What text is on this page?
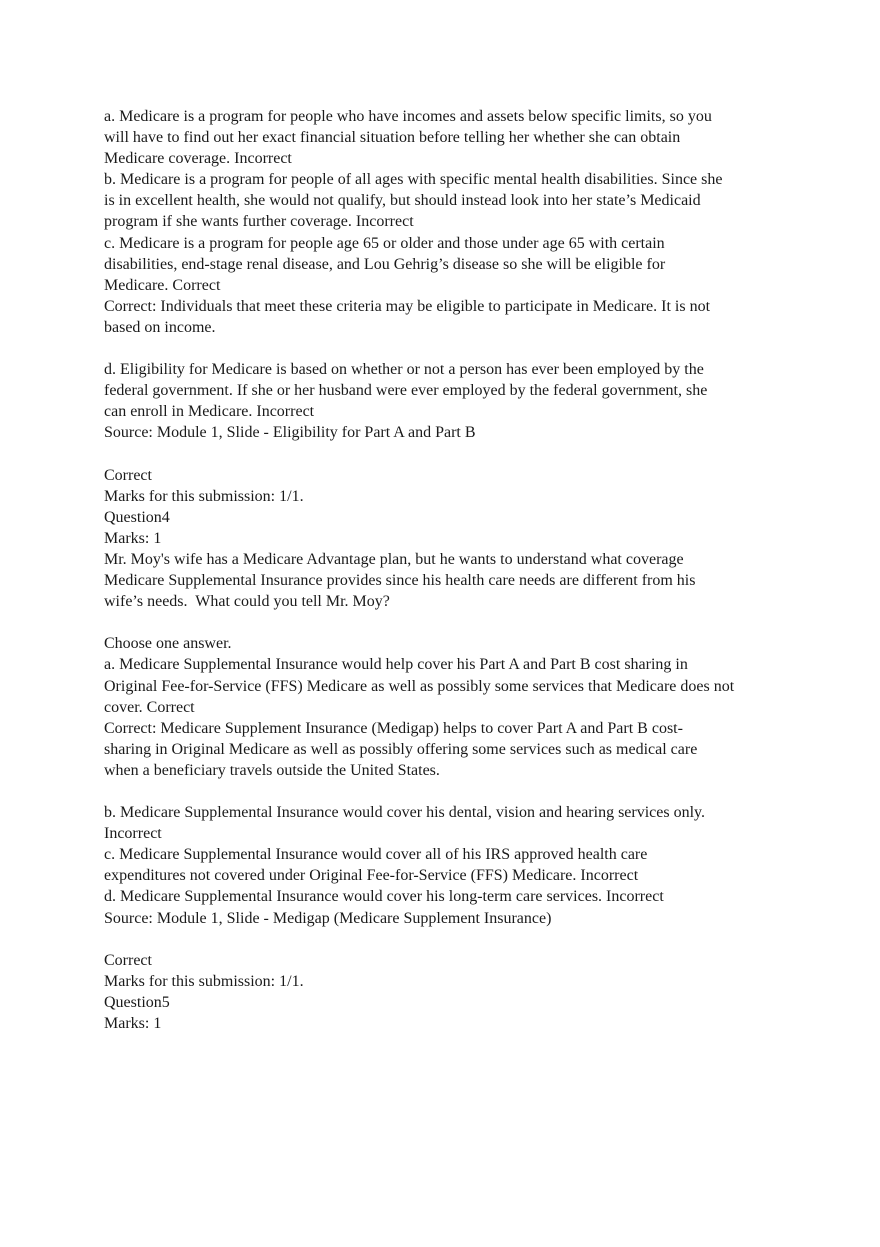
a. Medicare is a program for people who have incomes and assets below specific limits, so you
will have to find out her exact financial situation before telling her whether she can obtain
Medicare coverage. Incorrect
b. Medicare is a program for people of all ages with specific mental health disabilities. Since she
is in excellent health, she would not qualify, but should instead look into her state’s Medicaid
program if she wants further coverage. Incorrect
c. Medicare is a program for people age 65 or older and those under age 65 with certain
disabilities, end-stage renal disease, and Lou Gehrig’s disease so she will be eligible for
Medicare. Correct
Correct: Individuals that meet these criteria may be eligible to participate in Medicare. It is not
based on income.
d. Eligibility for Medicare is based on whether or not a person has ever been employed by the
federal government. If she or her husband were ever employed by the federal government, she
can enroll in Medicare. Incorrect
Source: Module 1, Slide - Eligibility for Part A and Part B
Correct
Marks for this submission: 1/1.
Question4
Marks: 1
Mr. Moy's wife has a Medicare Advantage plan, but he wants to understand what coverage
Medicare Supplemental Insurance provides since his health care needs are different from his
wife’s needs.  What could you tell Mr. Moy?
Choose one answer.
a. Medicare Supplemental Insurance would help cover his Part A and Part B cost sharing in
Original Fee-for-Service (FFS) Medicare as well as possibly some services that Medicare does not
cover. Correct
Correct: Medicare Supplement Insurance (Medigap) helps to cover Part A and Part B cost-
sharing in Original Medicare as well as possibly offering some services such as medical care
when a beneficiary travels outside the United States.
b. Medicare Supplemental Insurance would cover his dental, vision and hearing services only.
Incorrect
c. Medicare Supplemental Insurance would cover all of his IRS approved health care
expenditures not covered under Original Fee-for-Service (FFS) Medicare. Incorrect
d. Medicare Supplemental Insurance would cover his long-term care services. Incorrect
Source: Module 1, Slide - Medigap (Medicare Supplement Insurance)
Correct
Marks for this submission: 1/1.
Question5
Marks: 1
